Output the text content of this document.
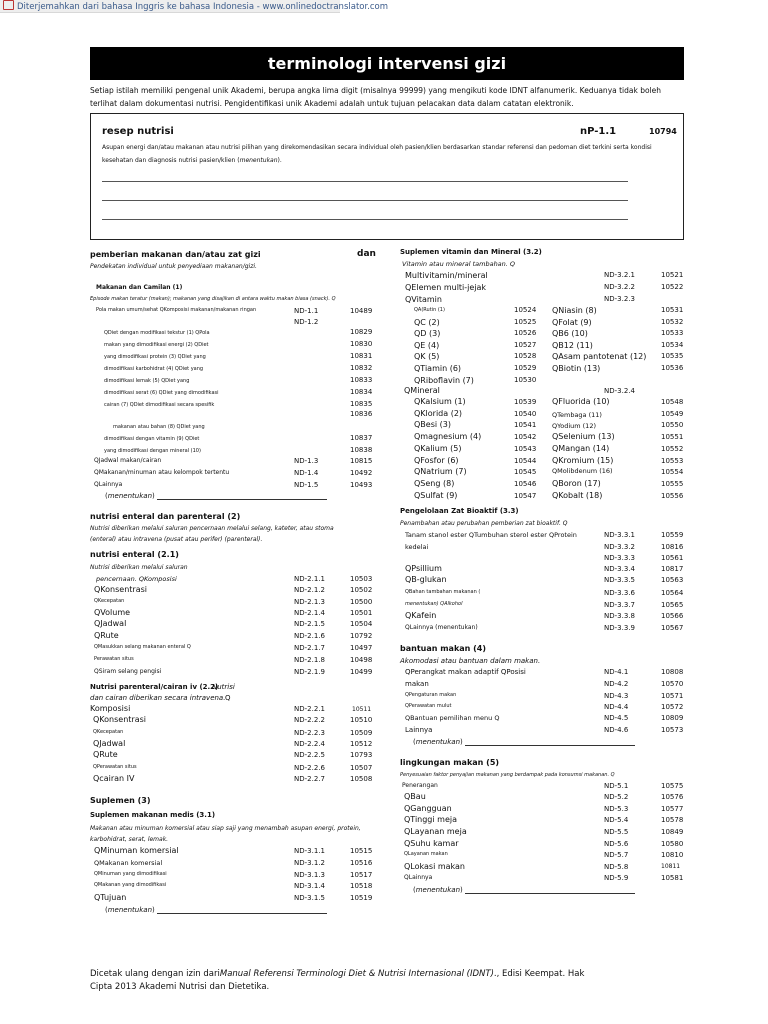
Diterjemahkan dari bahasa Inggris ke bahasa Indonesia - www.onlinedoctranslator.com
terminologi intervensi gizi
Setiap istilah memiliki pengenal unik Akademi, berupa angka lima digit (misalnya 99999) yang mengikuti kode IDNT alfanumerik. Keduanya tidak boleh terlihat dalam dokumentasi nutrisi. Pengidentifikasi unik Akademi adalah untuk tujuan pelacakan data dalam catatan elektronik.
resep nutrisi	nP-1.1	10794
Asupan energi dan/atau makanan atau nutrisi pilihan yang direkomendasikan secara individual oleh pasien/klien berdasarkan standar referensi dan pedoman diet terkini serta kondisi kesehatan dan diagnosis nutrisi pasien/klien (menentukan).
pemberian makanan dan/atau zat gizi	dan
Pendekatan individual untuk penyediaan makanan/gizi.
Makanan dan Camilan (1)
Episode makan teratur (makan); makanan yang disajikan di antara waktu makan biasa (snack). Q
Pola makan umum/sehat QKomposisi makanan/makanan ringan	ND-1.1	10489
ND-1.2
QDiet dengan modifikasi tekstur (1) QPola	10829
makan yang dimodifikasi energi (2) QDiet	10830
yang dimodifikasi protein (3) QDiet yang	10831
dimodifikasi karbohidrat (4) QDiet yang	10832
dimodifikasi lemak (5) QDiet yang	10833
dimodifikasi serat (6) QDiet yang dimodifikasi	10834
cairan (7) QDiet dimodifikasi secara spesifik	10835
10836
makanan atau bahan (8) QDiet yang
dimodifikasi dengan vitamin (9) QDiet	10837
yang dimodifikasi dengan mineral (10)	10838
QJadwal makan/cairan	ND-1.3	10815
QMakanan/minuman atau kelompok tertentu	ND-1.4	10492
QLainnya	ND-1.5	10493
(menentukan)
nutrisi enteral dan parenteral (2)
Nutrisi diberikan melalui saluran pencernaan melalui selang, kateter, atau stoma
(enteral) atau intravena (pusat atau perifer) (parenteral).
nutrisi enteral (2.1)
Nutrisi diberikan melalui saluran
pencernaan. QKomposisi	ND-2.1.1	10503
QKonsentrasi	ND-2.1.2	10502
QKecepatan	ND-2.1.3	10500
QVolume	ND-2.1.4	10501
QJadwal	ND-2.1.5	10504
QRute	ND-2.1.6	10792
QMasukkan selang makanan enteral Q	ND-2.1.7	10497
Perawatan situs	ND-2.1.8	10498
QSiram selang pengisi	ND-2.1.9	10499
Nutrisi parenteral/cairan iv (2.2)
Nutrisi
dan cairan diberikan secara intravena. Q
Komposisi	ND-2.2.1	10511
QKonsentrasi	ND-2.2.2	10510
QKecepatan	ND-2.2.3	10509
QJadwal	ND-2.2.4	10512
QRute	ND-2.2.5	10793
QPerawatan situs	ND-2.2.6	10507
Qcairan IV	ND-2.2.7	10508
Suplemen (3)
Suplemen makanan medis (3.1)
Makanan atau minuman komersial atau siap saji yang menambah asupan energi, protein,
karbohidrat, serat, lemak.
QMinuman komersial	ND-3.1.1	10515
QMakanan komersial	ND-3.1.2	10516
QMinuman yang dimodifikasi	ND-3.1.3	10517
QMakanan yang dimodifikasi	ND-3.1.4	10518
QTujuan	ND-3.1.5	10519
(menentukan)
Suplemen vitamin dan Mineral (3.2)
Vitamin atau mineral tambahan. Q
Multivitamin/mineral	ND-3.2.1	10521
QElemen multi-jejak	ND-3.2.2	10522
QVitamin	ND-3.2.3
QA(Rutin (1)	10524 QNiasin (8)	10531
QC (2)	10525 QFolat (9)	10532
QD (3)	10526 QB6 (10)	10533
QE (4)	10527 QB12 (11)	10534
QK (5)	10528 QAsam pantotenat (12) 10535
QTiamin (6)	10529 QBiotin (13)	10536
QRiboflavin (7)	10530
QMineral	ND-3.2.4
QKalsium (1)	10539 QFluorida (10)	10548
QKlorida (2)	10540 QTembaga (11)	10549
QBesi (3)	10541 QYodium (12)	10550
Qmagnesium (4)	10542 QSelenium (13)	10551
QKalium (5)	10543 QMangan (14)	10552
QFosfor (6)	10544 QKromium (15)	10553
QNatrium (7)	10545 QMolibdenum (16)	10554
QSeng (8)	10546 QBoron (17)	10555
QSulfat (9)	10547 QKobalt (18)	10556
Pengelolaan Zat Bioaktif (3.3)
Penambahan atau perubahan pemberian zat bioaktif. Q
Tanam stanol ester QTumbuhan sterol ester QProtein	ND-3.3.1	10559
kedelai	ND-3.3.2	10816
ND-3.3.3	10561
QPsillium	ND-3.3.4	10817
QB-glukan	ND-3.3.5	10563
QBahan tambahan makanan (	ND-3.3.6	10564
menentukan) QAlkohol	ND-3.3.7	10565
QKafein	ND-3.3.8	10566
QLainnya (menentukan)	ND-3.3.9	10567
bantuan makan (4)
Akomodasi atau bantuan dalam makan.
QPerangkat makan adaptif QPosisi	ND-4.1	10808
makan	ND-4.2	10570
QPengaturan makan	ND-4.3	10571
QPerawatan mulut	ND-4.4	10572
QBantuan pemilihan menu Q	ND-4.5	10809
Lainnya	ND-4.6	10573
(menentukan)
lingkungan makan (5)
Penyesuaian faktor penyajian makanan yang berdampak pada konsumsi makanan. Q
Penerangan	ND-5.1	10575
QBau	ND-5.2	10576
QGangguan	ND-5.3	10577
QTinggi meja	ND-5.4	10578
QLayanan meja	ND-5.5	10849
QSuhu kamar	ND-5.6	10580
QLayanan makan	ND-5.7	10810
QLokasi makan	ND-5.8	10811
QLainnya	ND-5.9	10581
(menentukan)
Dicetak ulang dengan izin dariManual Referensi Terminologi Diet & Nutrisi Internasional (IDNT)., Edisi Keempat. Hak Cipta 2013 Akademi Nutrisi dan Dietetika.
